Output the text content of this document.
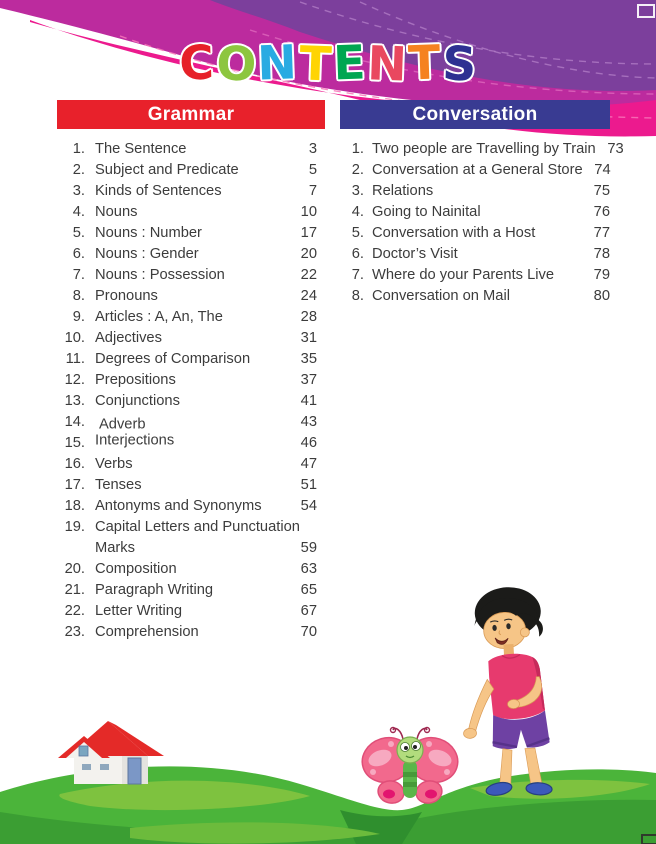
CONTENTS
Grammar
1. The Sentence	3
2. Subject and Predicate	5
3. Kinds of Sentences	7
4. Nouns	10
5. Nouns : Number	17
6. Nouns : Gender	20
7. Nouns : Possession	22
8. Pronouns	24
9. Articles : A, An, The	28
10. Adjectives	31
11. Degrees of Comparison	35
12. Prepositions	37
13. Conjunctions	41
14. Adverb	43
15. Interjections	46
16. Verbs	47
17. Tenses	51
18. Antonyms and Synonyms	54
19. Capital Letters and Punctuation
Marks	59
20. Composition	63
21. Paragraph Writing	65
22. Letter Writing	67
23. Comprehension	70
Conversation
1. Two people are Travelling by Train 73
2. Conversation at a General Store 74
3. Relations	75
4. Going to Nainital	76
5. Conversation with a Host	77
6. Doctor’s Visit	78
7. Where do your Parents Live	79
8. Conversation on Mail	80
